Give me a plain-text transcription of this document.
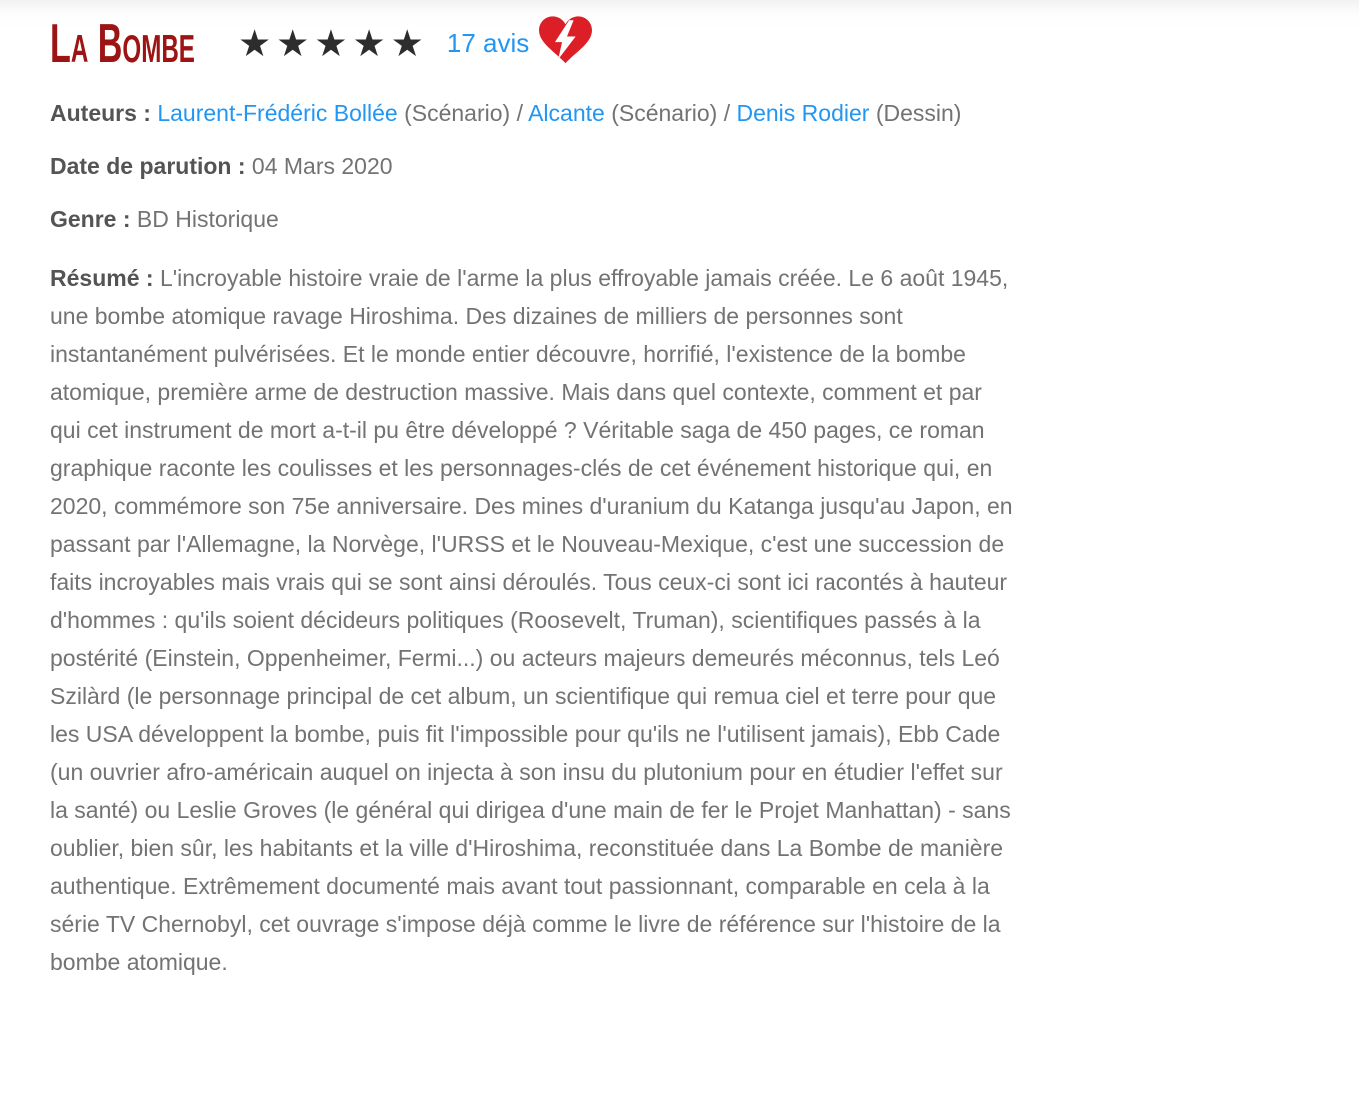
La Bombe ★★★★★ 17 avis
Auteurs : Laurent-Frédéric Bollée (Scénario) / Alcante (Scénario) / Denis Rodier (Dessin)
Date de parution : 04 Mars 2020
Genre : BD Historique

Résumé : L'incroyable histoire vraie de l'arme la plus effroyable jamais créée. Le 6 août 1945, une bombe atomique ravage Hiroshima. Des dizaines de milliers de personnes sont instantanément pulvérisées. Et le monde entier découvre, horrifié, l'existence de la bombe atomique, première arme de destruction massive. Mais dans quel contexte, comment et par qui cet instrument de mort a-t-il pu être développé ? Véritable saga de 450 pages, ce roman graphique raconte les coulisses et les personnages-clés de cet événement historique qui, en 2020, commémore son 75e anniversaire. Des mines d'uranium du Katanga jusqu'au Japon, en passant par l'Allemagne, la Norvège, l'URSS et le Nouveau-Mexique, c'est une succession de faits incroyables mais vrais qui se sont ainsi déroulés. Tous ceux-ci sont ici racontés à hauteur d'hommes : qu'ils soient décideurs politiques (Roosevelt, Truman), scientifiques passés à la postérité (Einstein, Oppenheimer, Fermi...) ou acteurs majeurs demeurés méconnus, tels Leó Szilàrd (le personnage principal de cet album, un scientifique qui remua ciel et terre pour que les USA développent la bombe, puis fit l'impossible pour qu'ils ne l'utilisent jamais), Ebb Cade (un ouvrier afro-américain auquel on injecta à son insu du plutonium pour en étudier l'effet sur la santé) ou Leslie Groves (le général qui dirigea d'une main de fer le Projet Manhattan) - sans oublier, bien sûr, les habitants et la ville d'Hiroshima, reconstituée dans La Bombe de manière authentique. Extrêmement documenté mais avant tout passionnant, comparable en cela à la série TV Chernobyl, cet ouvrage s'impose déjà comme le livre de référence sur l'histoire de la bombe atomique.
